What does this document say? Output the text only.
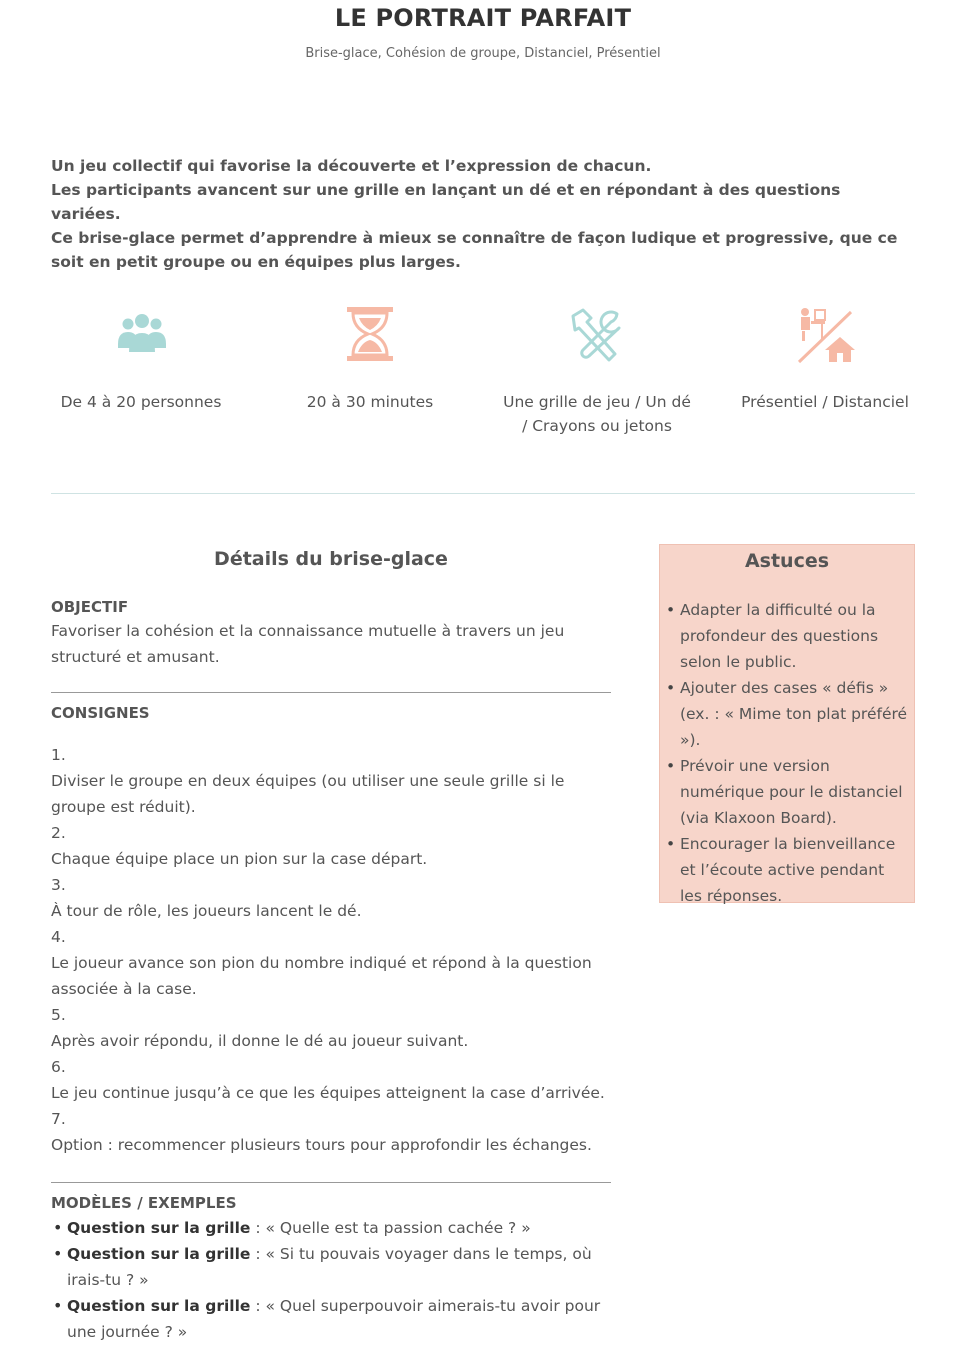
LE PORTRAIT PARFAIT
Brise-glace, Cohésion de groupe, Distanciel, Présentiel
Un jeu collectif qui favorise la découverte et l’expression de chacun.
Les participants avancent sur une grille en lançant un dé et en répondant à des questions variées.
Ce brise-glace permet d’apprendre à mieux se connaître de façon ludique et progressive, que ce soit en petit groupe ou en équipes plus larges.
De 4 à 20 personnes	20 à 30 minutes	Une grille de jeu / Un dé / Crayons ou jetons
Présentiel / Distanciel
Détails du brise-glace
OBJECTIF
Favoriser la cohésion et la connaissance mutuelle à travers un jeu structuré et amusant.
CONSIGNES
1.
Diviser le groupe en deux équipes (ou utiliser une seule grille si le groupe est réduit).
2.
Chaque équipe place un pion sur la case départ.
3.
À tour de rôle, les joueurs lancent le dé.
4.
Le joueur avance son pion du nombre indiqué et répond à la question associée à la case.
5.
Après avoir répondu, il donne le dé au joueur suivant.
6.
Le jeu continue jusqu’à ce que les équipes atteignent la case d’arrivée.
7.
Option : recommencer plusieurs tours pour approfondir les échanges.
MODÈLES / EXEMPLES
• Question sur la grille : « Quelle est ta passion cachée ? »
• Question sur la grille : « Si tu pouvais voyager dans le temps, où irais-tu ? »
• Question sur la grille : « Quel superpouvoir aimerais-tu avoir pour une journée ? »
Astuces
• Adapter la difficulté ou la profondeur des questions selon le public.
• Ajouter des cases « défis » (ex. : « Mime ton plat préféré »).
• Prévoir une version numérique pour le distanciel (via Klaxoon Board).
• Encourager la bienveillance et l’écoute active pendant les réponses.
